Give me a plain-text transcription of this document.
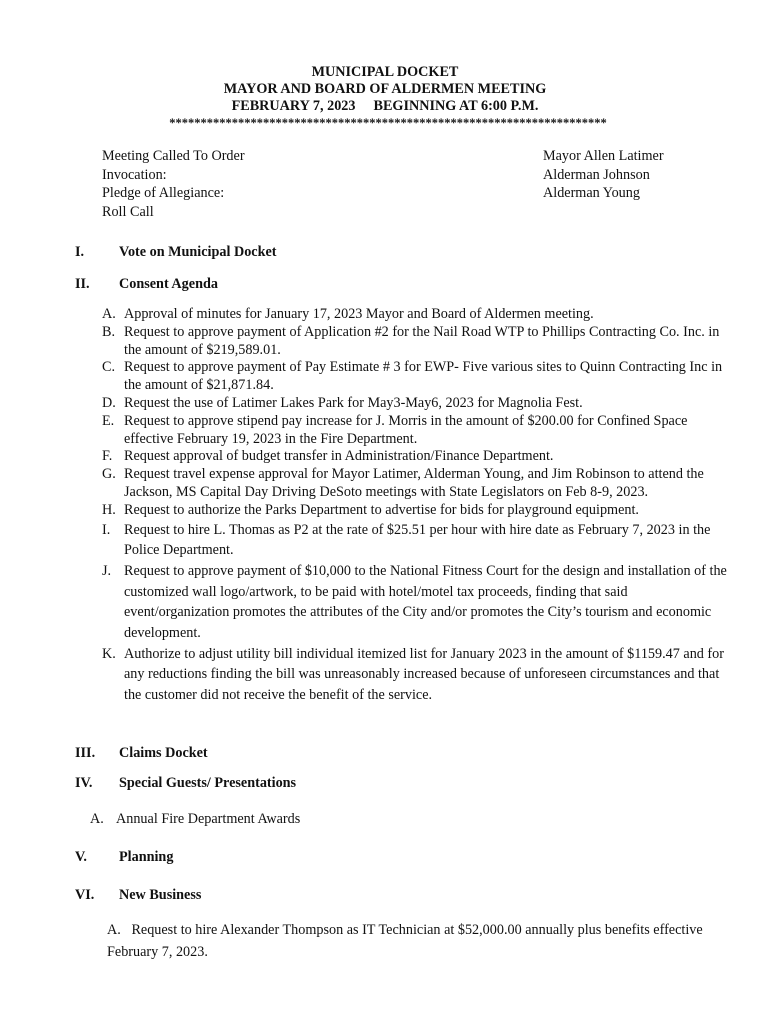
MUNICIPAL DOCKET
MAYOR AND BOARD OF ALDERMEN MEETING
FEBRUARY 7, 2023 BEGINNING AT 6:00 P.M.
**********************************************************************
Meeting Called To Order
Invocation:
Pledge of Allegiance:
Roll Call
Mayor Allen Latimer
Alderman Johnson
Alderman Young
I. Vote on Municipal Docket
II. Consent Agenda
A. Approval of minutes for January 17, 2023 Mayor and Board of Aldermen meeting.
B. Request to approve payment of Application #2 for the Nail Road WTP to Phillips Contracting Co. Inc. in the amount of $219,589.01.
C. Request to approve payment of Pay Estimate # 3 for EWP- Five various sites to Quinn Contracting Inc in the amount of $21,871.84.
D. Request the use of Latimer Lakes Park for May3-May6, 2023 for Magnolia Fest.
E. Request to approve stipend pay increase for J. Morris in the amount of $200.00 for Confined Space effective February 19, 2023 in the Fire Department.
F. Request approval of budget transfer in Administration/Finance Department.
G. Request travel expense approval for Mayor Latimer, Alderman Young, and Jim Robinson to attend the Jackson, MS Capital Day Driving DeSoto meetings with State Legislators on Feb 8-9, 2023.
H. Request to authorize the Parks Department to advertise for bids for playground equipment.
I. Request to hire L. Thomas as P2 at the rate of $25.51 per hour with hire date as February 7, 2023 in the Police Department.
J. Request to approve payment of $10,000 to the National Fitness Court for the design and installation of the customized wall logo/artwork, to be paid with hotel/motel tax proceeds, finding that said event/organization promotes the attributes of the City and/or promotes the City’s tourism and economic development.
K. Authorize to adjust utility bill individual itemized list for January 2023 in the amount of $1159.47 and for any reductions finding the bill was unreasonably increased because of unforeseen circumstances and that the customer did not receive the benefit of the service.
III. Claims Docket
IV. Special Guests/ Presentations
A. Annual Fire Department Awards
V. Planning
VI. New Business
A. Request to hire Alexander Thompson as IT Technician at $52,000.00 annually plus benefits effective February 7, 2023.
